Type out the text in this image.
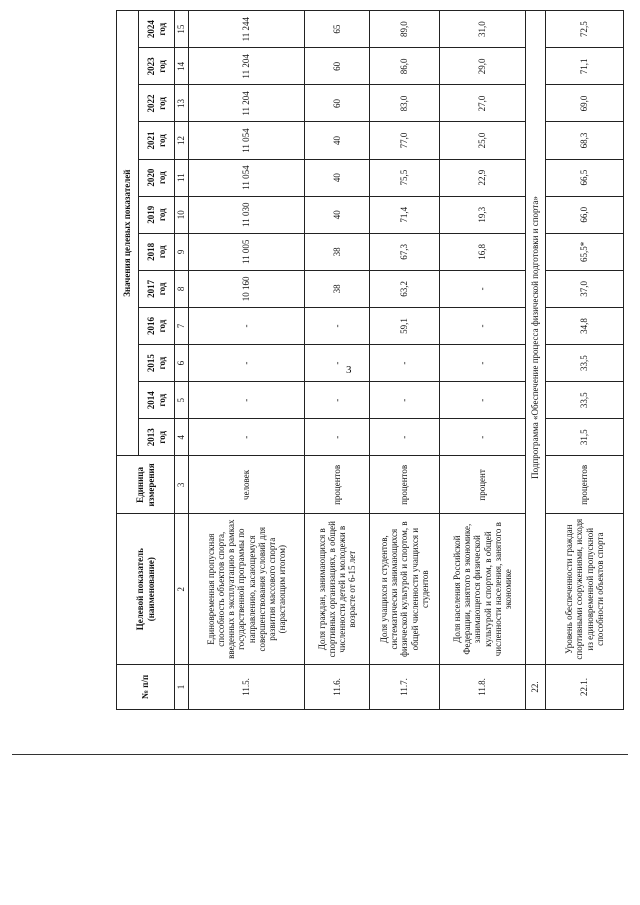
3
№ п/п	Целевой показатель (наименование)	Единица измерения	Значения целевых показателей											
			2013 год	2014 год	2015 год	2016 год	2017 год	2018 год	2019 год	2020 год	2021 год	2022 год	2023 год	2024 год
1	2	3	4	5	6	7	8	9	10	11	12	13	14	15
11.5.	Единовременная пропускная способность объектов спорта, введенных в эксплуатацию в рамках государственной программы по направлению, касающемуся совершенствования условий для развития массового спорта (нарастающим итогом)	человек	-	-	-	-	10 160	11 005	11 030	11 054	11 054	11 204	11 204	11 244
11.6.	Доля граждан, занимающихся в спортивных организациях, в общей численности детей и молодежи в возрасте от 6-15 лет	процентов	-	-	-	-	38	38	40	40	40	60	60	65
11.7.	Доля учащихся и студентов, систематически занимающихся физической культурой и спортом, в общей численности учащихся и студентов	процентов	-	-	-	59,1	63,2	67,3	71,4	75,5	77,0	83,0	86,0	89,0
11.8.	Доля населения Российской Федерации, занятого в экономике, занимающегося физической культурой и спортом, в общей численности населения, занятого в экономике	процент	-	-	-	-	-	16,8	19,3	22,9	25,0	27,0	29,0	31,0
22.	Подпрограмма «Обеспечение процесса физической подготовки и спорта»													
22.1.	Уровень обеспеченности граждан спортивными сооружениями, исходя из единовременной пропускной способности объектов спорта	процентов	31,5	33,5	33,5	34,8	37,0	65,5*	66,0	66,5	68,3	69,0	71,1	72,5
